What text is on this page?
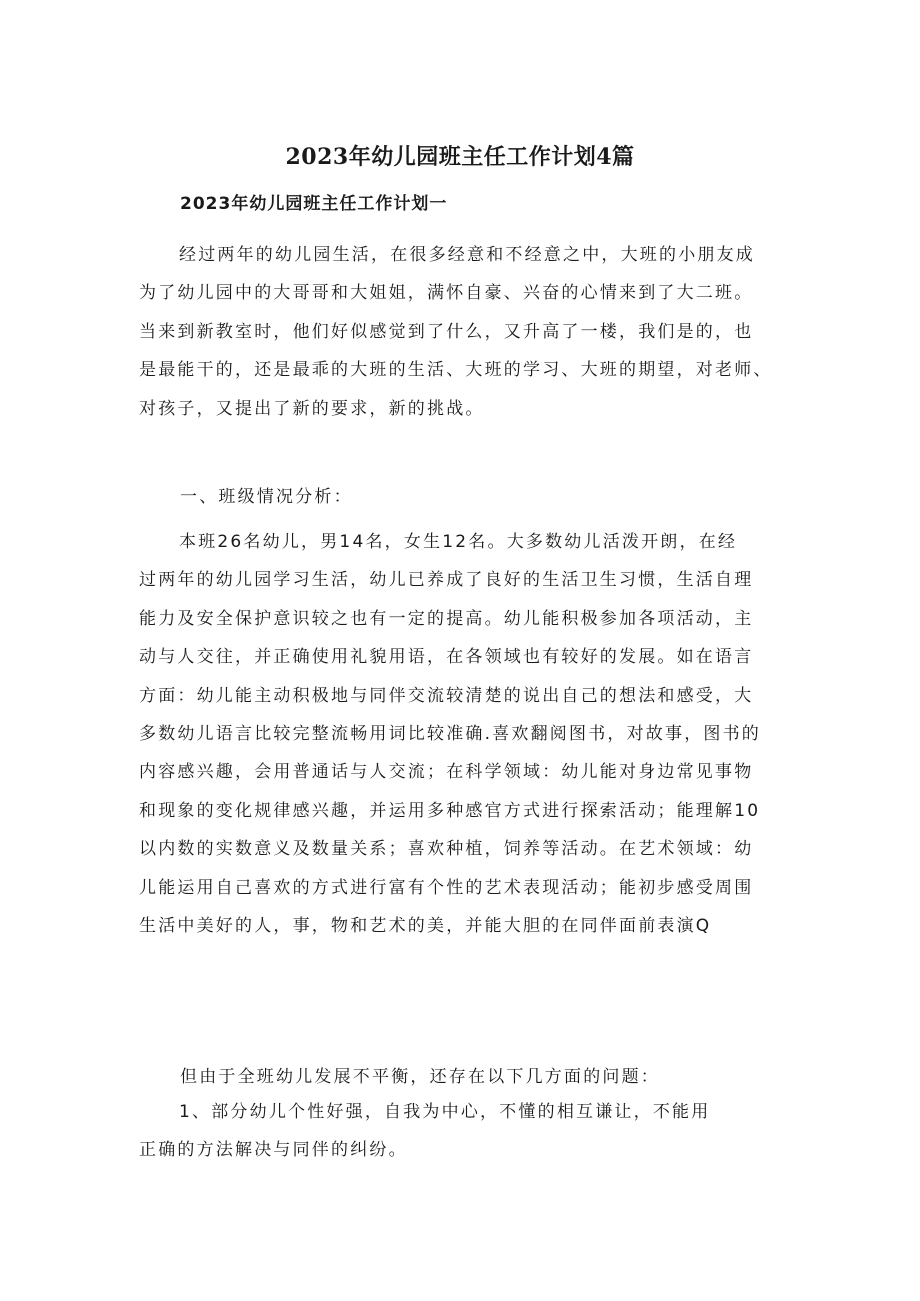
2023年幼儿园班主任工作计划4篇
2023年幼儿园班主任工作计划一
经过两年的幼儿园生活，在很多经意和不经意之中，大班的小朋友成
为了幼儿园中的大哥哥和大姐姐，满怀自豪、兴奋的心情来到了大二班。
当来到新教室时，他们好似感觉到了什么，又升高了一楼，我们是的，也
是最能干的，还是最乖的大班的生活、大班的学习、大班的期望，对老师、
对孩子，又提出了新的要求，新的挑战。
一、班级情况分析：
本班26名幼儿，男14名，女生12名。大多数幼儿活泼开朗，在经
过两年的幼儿园学习生活，幼儿已养成了良好的生活卫生习惯，生活自理
能力及安全保护意识较之也有一定的提高。幼儿能积极参加各项活动，主
动与人交往，并正确使用礼貌用语，在各领域也有较好的发展。如在语言
方面：幼儿能主动积极地与同伴交流较清楚的说出自己的想法和感受，大
多数幼儿语言比较完整流畅用词比较准确.喜欢翻阅图书，对故事，图书的
内容感兴趣，会用普通话与人交流；在科学领域：幼儿能对身边常见事物
和现象的变化规律感兴趣，并运用多种感官方式进行探索活动；能理解10
以内数的实数意义及数量关系；喜欢种植，饲养等活动。在艺术领域：幼
儿能运用自己喜欢的方式进行富有个性的艺术表现活动；能初步感受周围
生活中美好的人，事，物和艺术的美，并能大胆的在同伴面前表演Q
但由于全班幼儿发展不平衡，还存在以下几方面的问题：
1、部分幼儿个性好强，自我为中心，不懂的相互谦让，不能用
正确的方法解决与同伴的纠纷。
